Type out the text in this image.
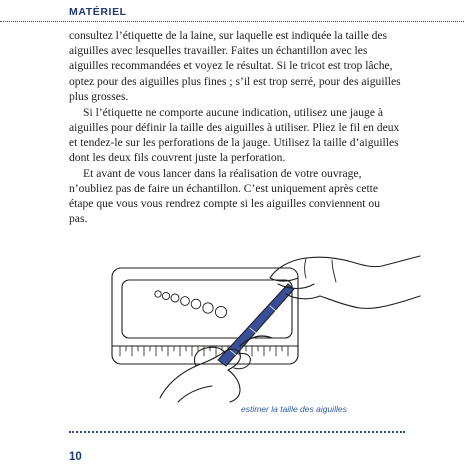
MATÉRIEL

consultez l’étiquette de la laine, sur laquelle est indiquée la taille des aiguilles avec lesquelles travailler. Faites un échantillon avec les aiguilles recommandées et voyez le résultat. Si le tricot est trop lâche, optez pour des aiguilles plus fines ; s’il est trop serré, pour des aiguilles plus grosses.

Si l’étiquette ne comporte aucune indication, utilisez une jauge à aiguilles pour définir la taille des aiguilles à utiliser. Pliez le fil en deux et tendez-le sur les perforations de la jauge. Utilisez la taille d’aiguilles dont les deux fils couvrent juste la perforation.

Et avant de vous lancer dans la réalisation de votre ouvrage, n’oubliez pas de faire un échantillon. C’est uniquement après cette étape que vous vous rendrez compte si les aiguilles conviennent ou pas.

estimer la taille des aiguilles
10
